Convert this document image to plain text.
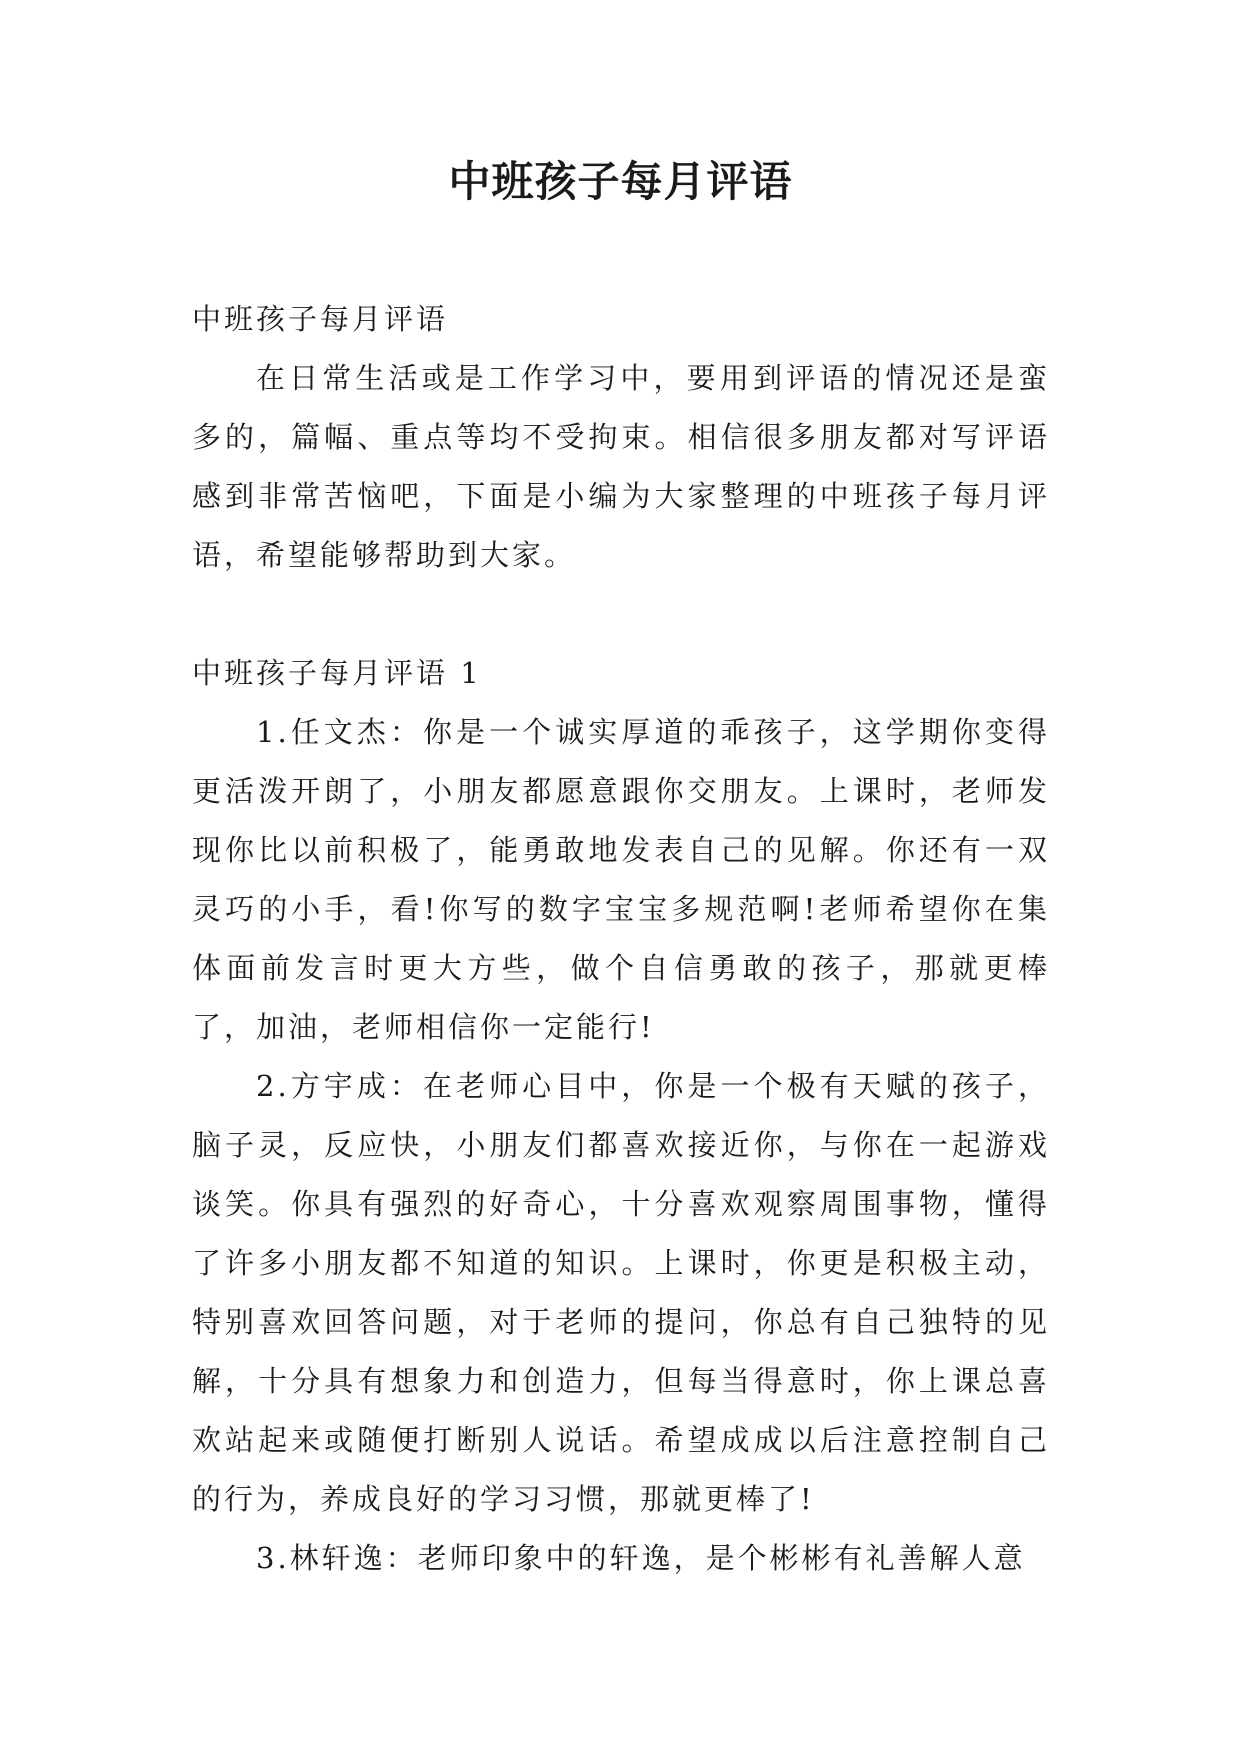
中班孩子每月评语

中班孩子每月评语

在日常生活或是工作学习中，要用到评语的情况还是蛮多的，篇幅、重点等均不受拘束。相信很多朋友都对写评语感到非常苦恼吧，下面是小编为大家整理的中班孩子每月评语，希望能够帮助到大家。

中班孩子每月评语 1

1.任文杰：你是一个诚实厚道的乖孩子，这学期你变得更活泼开朗了，小朋友都愿意跟你交朋友。上课时，老师发现你比以前积极了，能勇敢地发表自己的见解。你还有一双灵巧的小手，看!你写的数字宝宝多规范啊!老师希望你在集体面前发言时更大方些，做个自信勇敢的孩子，那就更棒了，加油，老师相信你一定能行!

2.方宇成：在老师心目中，你是一个极有天赋的孩子，脑子灵，反应快，小朋友们都喜欢接近你，与你在一起游戏谈笑。你具有强烈的好奇心，十分喜欢观察周围事物，懂得了许多小朋友都不知道的知识。上课时，你更是积极主动，特别喜欢回答问题，对于老师的提问，你总有自己独特的见解，十分具有想象力和创造力，但每当得意时，你上课总喜欢站起来或随便打断别人说话。希望成成以后注意控制自己的行为，养成良好的学习习惯，那就更棒了!

3.林轩逸：老师印象中的轩逸，是个彬彬有礼善解人意
